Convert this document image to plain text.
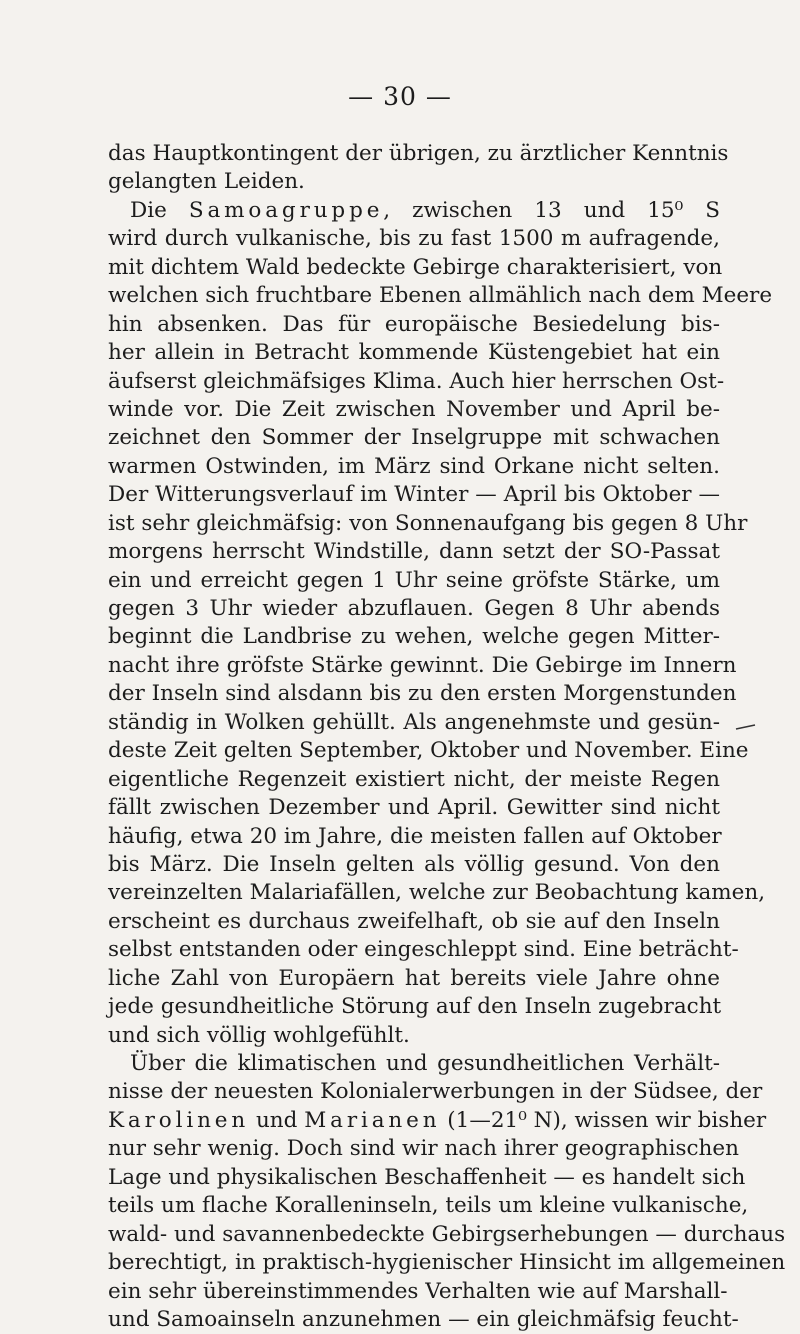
— 30 —
das Hauptkontingent der übrigen, zu ärztlicher Kenntnis
gelangten Leiden.
Die Samoagruppe, zwischen 13 und 15⁰ S
wird durch vulkanische, bis zu fast 1500 m aufragende,
mit dichtem Wald bedeckte Gebirge charakterisiert, von
welchen sich fruchtbare Ebenen allmählich nach dem Meere
hin absenken. Das für europäische Besiedelung bis-
her allein in Betracht kommende Küstengebiet hat ein
äufserst gleichmäfsiges Klima. Auch hier herrschen Ost-
winde vor. Die Zeit zwischen November und April be-
zeichnet den Sommer der Inselgruppe mit schwachen
warmen Ostwinden, im März sind Orkane nicht selten.
Der Witterungsverlauf im Winter — April bis Oktober —
ist sehr gleichmäfsig: von Sonnenaufgang bis gegen 8 Uhr
morgens herrscht Windstille, dann setzt der SO-Passat
ein und erreicht gegen 1 Uhr seine gröfste Stärke, um
gegen 3 Uhr wieder abzuflauen. Gegen 8 Uhr abends
beginnt die Landbrise zu wehen, welche gegen Mitter-
nacht ihre gröfste Stärke gewinnt. Die Gebirge im Innern
der Inseln sind alsdann bis zu den ersten Morgenstunden
ständig in Wolken gehüllt. Als angenehmste und gesün-
deste Zeit gelten September, Oktober und November. Eine
eigentliche Regenzeit existiert nicht, der meiste Regen
fällt zwischen Dezember und April. Gewitter sind nicht
häufig, etwa 20 im Jahre, die meisten fallen auf Oktober
bis März. Die Inseln gelten als völlig gesund. Von den
vereinzelten Malariafällen, welche zur Beobachtung kamen,
erscheint es durchaus zweifelhaft, ob sie auf den Inseln
selbst entstanden oder eingeschleppt sind. Eine beträcht-
liche Zahl von Europäern hat bereits viele Jahre ohne
jede gesundheitliche Störung auf den Inseln zugebracht
und sich völlig wohlgefühlt.
Über die klimatischen und gesundheitlichen Verhält-
nisse der neuesten Kolonialerwerbungen in der Südsee, der
Karolinen und Marianen (1—21⁰ N), wissen wir bisher
nur sehr wenig. Doch sind wir nach ihrer geographischen
Lage und physikalischen Beschaffenheit — es handelt sich
teils um flache Koralleninseln, teils um kleine vulkanische,
wald- und savannenbedeckte Gebirgserhebungen — durchaus
berechtigt, in praktisch-hygienischer Hinsicht im allgemeinen
ein sehr übereinstimmendes Verhalten wie auf Marshall-
und Samoainseln anzunehmen — ein gleichmäfsig feucht-
